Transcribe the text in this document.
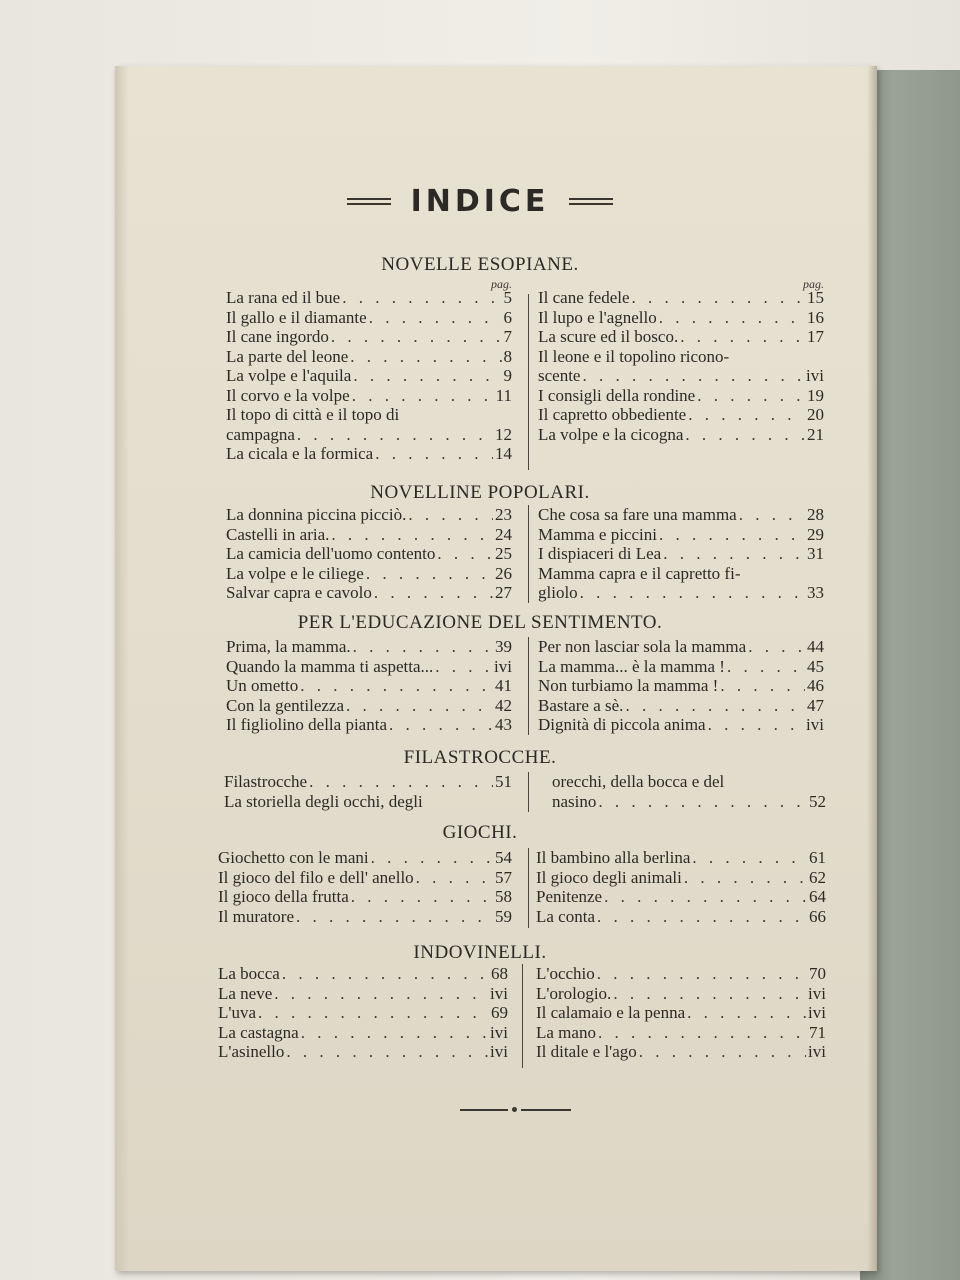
INDICE
NOVELLE ESOPIANE.
NOVELLINE POPOLARI.
PER L'EDUCAZIONE DEL SENTIMENTO.
FILASTROCCHE.
GIOCHI.
INDOVINELLI.
pag.
La rana ed il bue . . .	5
Il gallo e il diamante . . .	6
Il cane ingordo . . .	7
La parte del leone . . .	8
La volpe e l'aquila . . .	9
Il corvo e la volpe . . .	11
Il topo di città e il topo di
campagna . . .	12
La cicala e la formica . . .	14
pag.
Il cane fedele . . .	15
Il lupo e l'agnello . . .	16
La scure ed il bosco. . . .	17
Il leone e il topolino ricono-
scente . . .	ivi
I consigli della rondine . . .	19
Il capretto obbediente . . .	20
La volpe e la cicogna . . .	21
La donnina piccina picciò. . . .	23
Castelli in aria. . . .	24
La camicia dell'uomo contento . . .	25
La volpe e le ciliege . . .	26
Salvar capra e cavolo . . .	27
Che cosa sa fare una mamma . . .	28
Mamma e piccini . . .	29
I dispiaceri di Lea . . .	31
Mamma capra e il capretto fi-
gliolo . . .	33
Prima, la mamma. . . .	39
Quando la mamma ti aspetta... . . .	ivi
Un ometto . . .	41
Con la gentilezza . . .	42
Il figliolino della pianta . . .	43
Per non lasciar sola la mamma . . .	44
La mamma... è la mamma ! . . .	45
Non turbiamo la mamma ! . . .	46
Bastare a sè. . . .	47
Dignità di piccola anima . . .	ivi
Filastrocche . . .	51
La storiella degli occhi, degli
orecchi, della bocca e del
nasino . . .	52
Giochetto con le mani . . .	54
Il gioco del filo e dell' anello . . .	57
Il gioco della frutta . . .	58
Il muratore . . .	59
Il bambino alla berlina . . .	61
Il gioco degli animali . . .	62
Penitenze . . .	64
La conta . . .	66
La bocca . . .	68
La neve . . .	ivi
L'uva . . .	69
La castagna . . .	ivi
L'asinello . . .	ivi
L'occhio . . .	70
L'orologio. . . .	ivi
Il calamaio e la penna . . .	ivi
La mano . . .	71
Il ditale e l'ago . . .	ivi
